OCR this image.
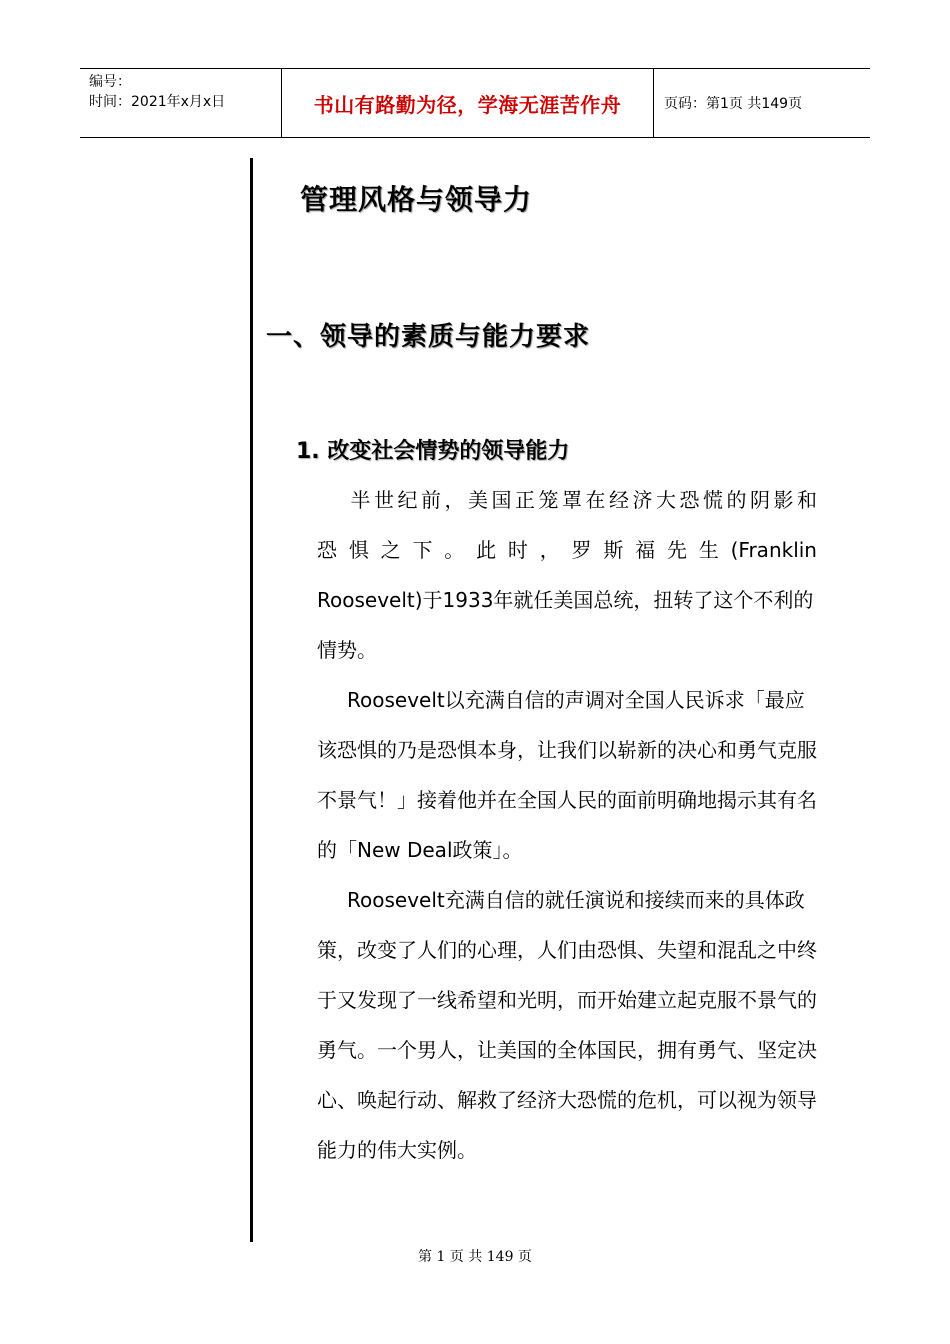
编号：
时间：2021年x月x日	书山有路勤为径，学海无涯苦作舟	页码：第1页 共149页
管理风格与领导力
一、领导的素质与能力要求
1. 改变社会情势的领导能力

半世纪前，美国正笼罩在经济大恐慌的阴影和
恐惧之下。此时，罗斯福先生(Franklin
Roosevelt)于1933年就任美国总统，扭转了这个不利的情势。

Roosevelt以充满自信的声调对全国人民诉求「最应该恐惧的乃是恐惧本身，让我们以崭新的决心和勇气克服不景气！」接着他并在全国人民的面前明确地揭示其有名的「New Deal政策」。

Roosevelt充满自信的就任演说和接续而来的具体政策，改变了人们的心理，人们由恐惧、失望和混乱之中终于又发现了一线希望和光明，而开始建立起克服不景气的勇气。一个男人，让美国的全体国民，拥有勇气、坚定决心、唤起行动、解救了经济大恐慌的危机，可以视为领导能力的伟大实例。

第 1 页 共 149 页
